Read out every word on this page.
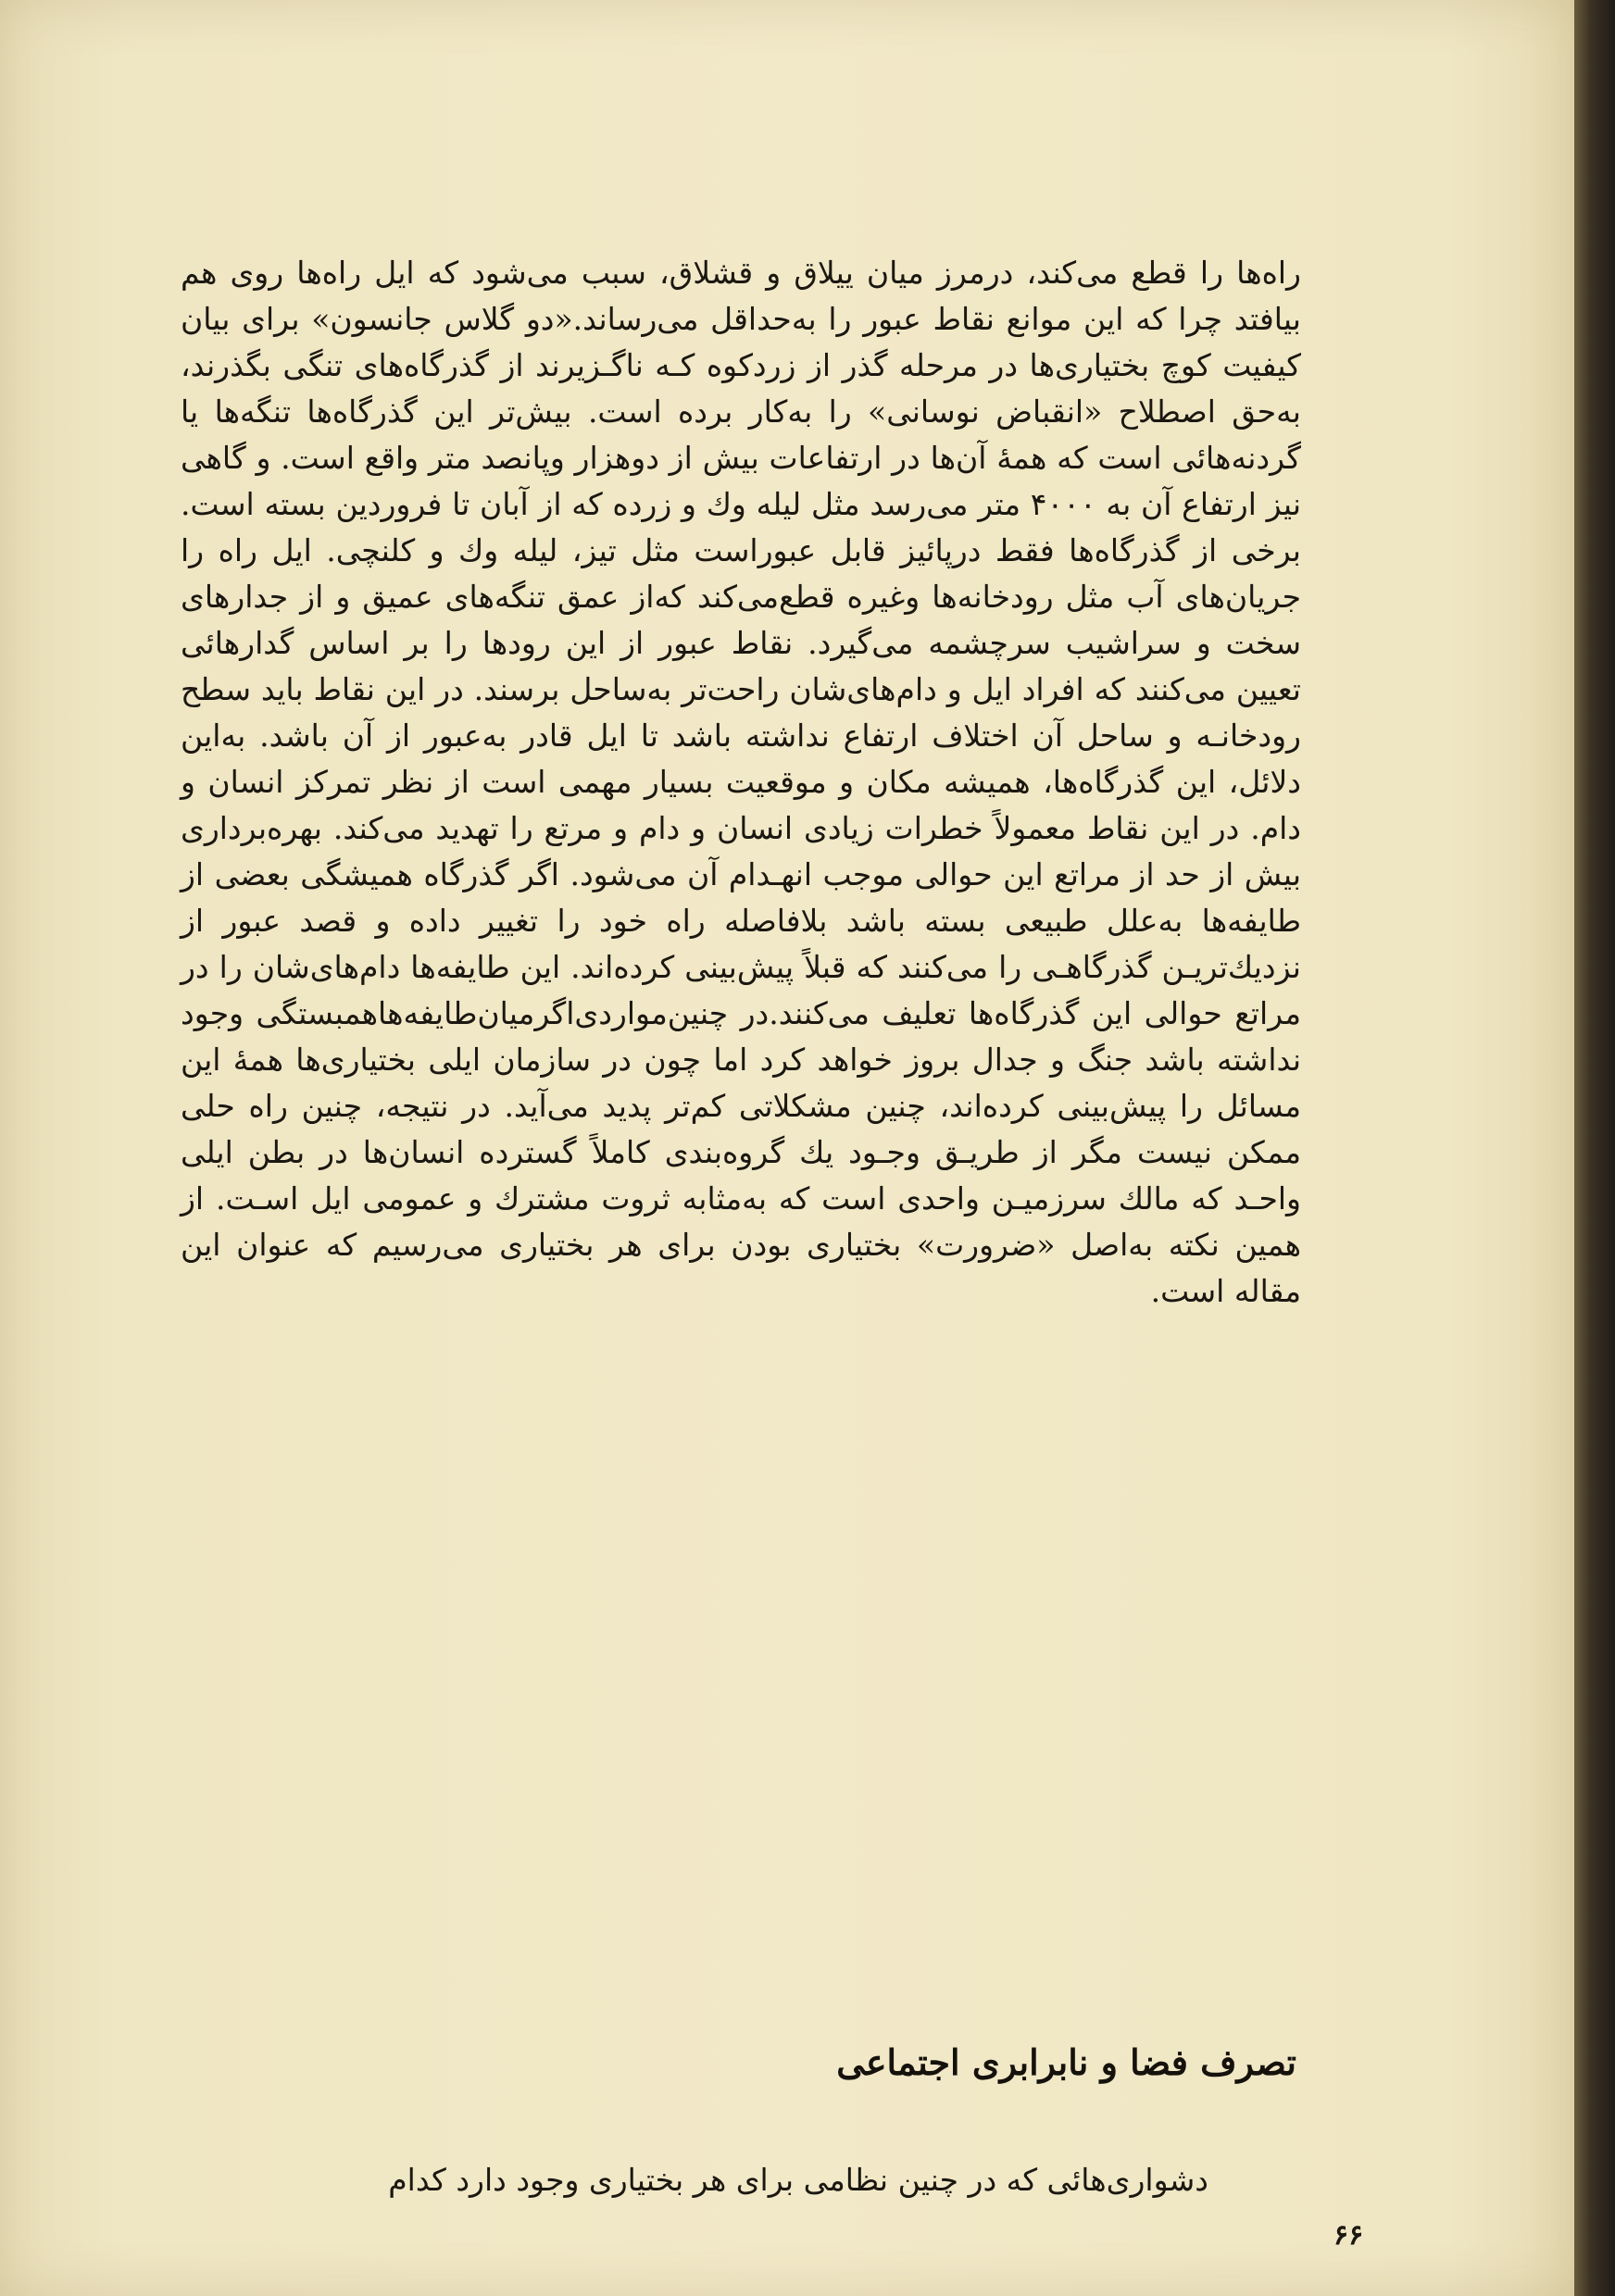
راه‌ها را قطع می‌کند، درمرز میان ییلاق و قشلاق، سبب می‌شود که ایل راه‌ها روی هم بیافتد چرا که این موانع نقاط عبور را به‌حداقل می‌رساند.«دو گلاس جانسون» برای بیان کیفیت کوچ بختیاری‌ها در مرحله گذر از زردکوه کـه ناگـزیرند از گذرگاه‌های تنگی بگذرند، به‌حق اصطلاح «انقباض نوسانی» را به‌کار برده است. بیش‌تر این گذرگاه‌ها تنگه‌ها یا گردنه‌هائی است که همهٔ آن‌ها در ارتفاعات بیش از دوهزار وپانصد متر واقع است. و گاهی نیز ارتفاع آن به ۴۰۰۰ متر می‌رسد مثل لیله وك و زرده که از آبان تا فروردین بسته است. برخی از گذرگاه‌ها فقط درپائیز قابل عبوراست مثل تیز، لیله وك و کلنچی. ایل راه را جریان‌های آب مثل رودخانه‌ها وغیره قطع‌می‌کند که‌از عمق تنگه‌های عمیق و از جدارهای سخت و سراشیب سرچشمه می‌گیرد. نقاط عبور از این رودها را بر اساس گدارهائی تعیین می‌کنند که افراد ایل و دام‌های‌شان راحت‌تر به‌ساحل برسند. در این نقاط باید سطح رودخانـه و ساحل آن اختلاف ارتفاع نداشته باشد تا ایل قادر به‌عبور از آن باشد. به‌این دلائل، این گذرگاه‌ها، همیشه مکان و موقعیت بسیار مهمی است از نظر تمرکز انسان و دام. در این نقاط معمولاً خطرات زیادی انسان و دام و مرتع را تهدید می‌کند. بهره‌برداری بیش از حد از مراتع این حوالی موجب انهـدام آن می‌شود. اگر گذرگاه همیشگی بعضی از طایفه‌ها به‌علل طبیعی بسته باشد بلافاصله راه خود را تغییر داده و قصد عبور از نزدیك‌تریـن گذرگاهـی را می‌کنند که قبلاً پیش‌بینی کرده‌اند. این طایفه‌ها دام‌های‌شان را در مراتع حوالی این گذرگاه‌ها تعلیف می‌کنند.در چنین‌مواردی‌اگر‌میان‌طایفه‌ها‌همبستگی وجود نداشته باشد جنگ و جدال بروز خواهد کرد اما چون در سازمان ایلی بختیاری‌ها همهٔ این مسائل را پیش‌بینی کرده‌اند، چنین مشکلاتی کم‌تر پدید می‌آید. در نتیجه، چنین راه حلی ممکن نیست مگر از طریـق وجـود یك گروه‌بندی کاملاً گسترده انسان‌ها در بطن ایلی واحـد که مالك سرزمیـن واحدی است که به‌مثابه ثروت مشترك و عمومی ایل اسـت. از همین نکته به‌اصل «ضرورت» بختیاری بودن برای هر بختیاری می‌رسیم که عنوان این مقاله است.

تصرف فضا و نابرابری اجتماعی

دشواری‌هائی که در چنین نظامی برای هر بختیاری وجود دارد کدام

۶۶
